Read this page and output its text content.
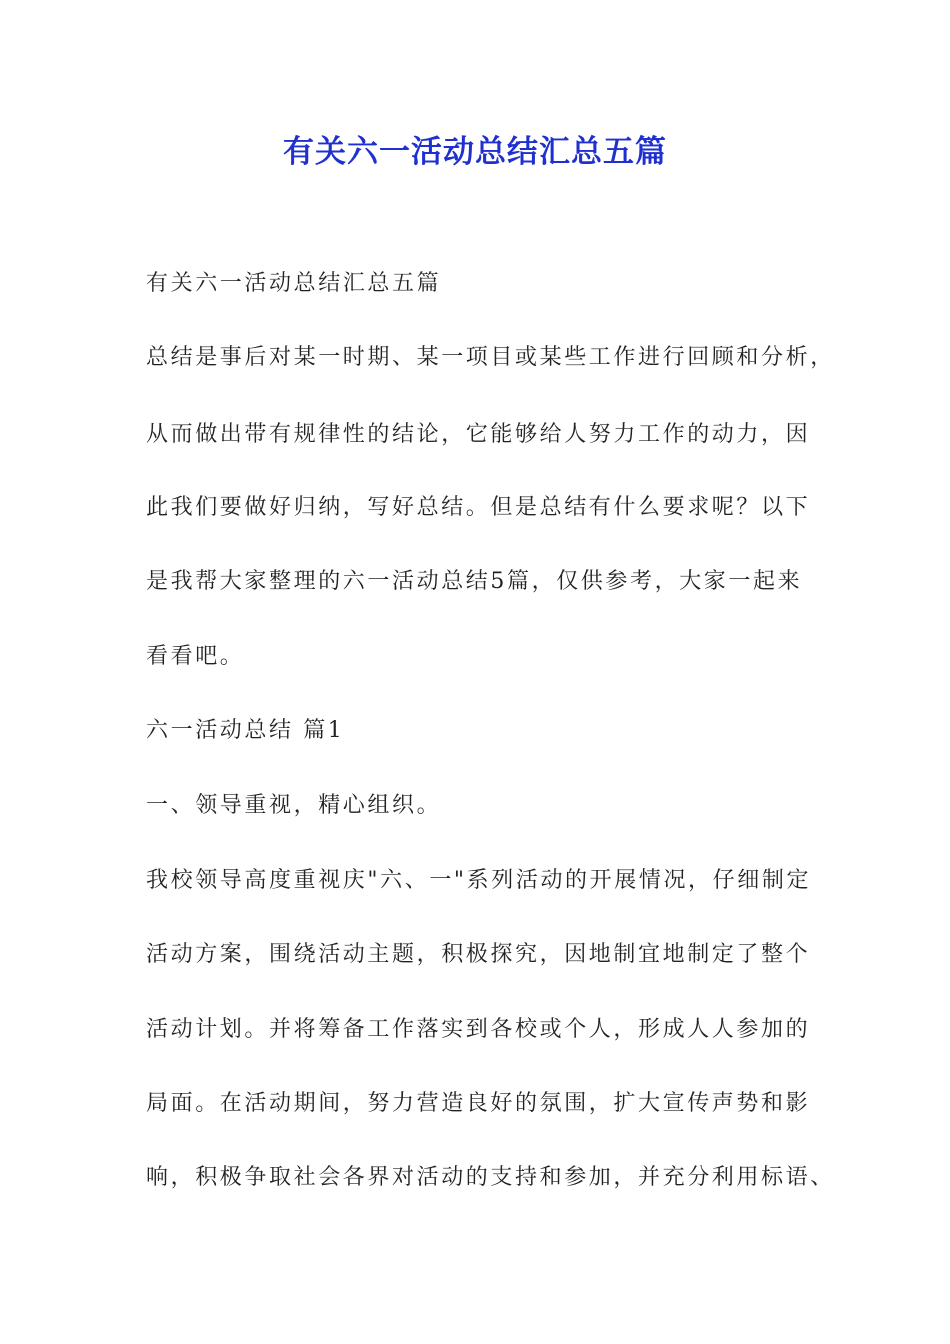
有关六一活动总结汇总五篇
有关六一活动总结汇总五篇
总结是事后对某一时期、某一项目或某些工作进行回顾和分析，
从而做出带有规律性的结论，它能够给人努力工作的动力，因
此我们要做好归纳，写好总结。但是总结有什么要求呢？以下
是我帮大家整理的六一活动总结5篇，仅供参考，大家一起来
看看吧。
六一活动总结 篇1
一、领导重视，精心组织。
我校领导高度重视庆"六、一"系列活动的开展情况，仔细制定
活动方案，围绕活动主题，积极探究，因地制宜地制定了整个
活动计划。并将筹备工作落实到各校或个人，形成人人参加的
局面。在活动期间，努力营造良好的氛围，扩大宣传声势和影
响，积极争取社会各界对活动的支持和参加，并充分利用标语、
